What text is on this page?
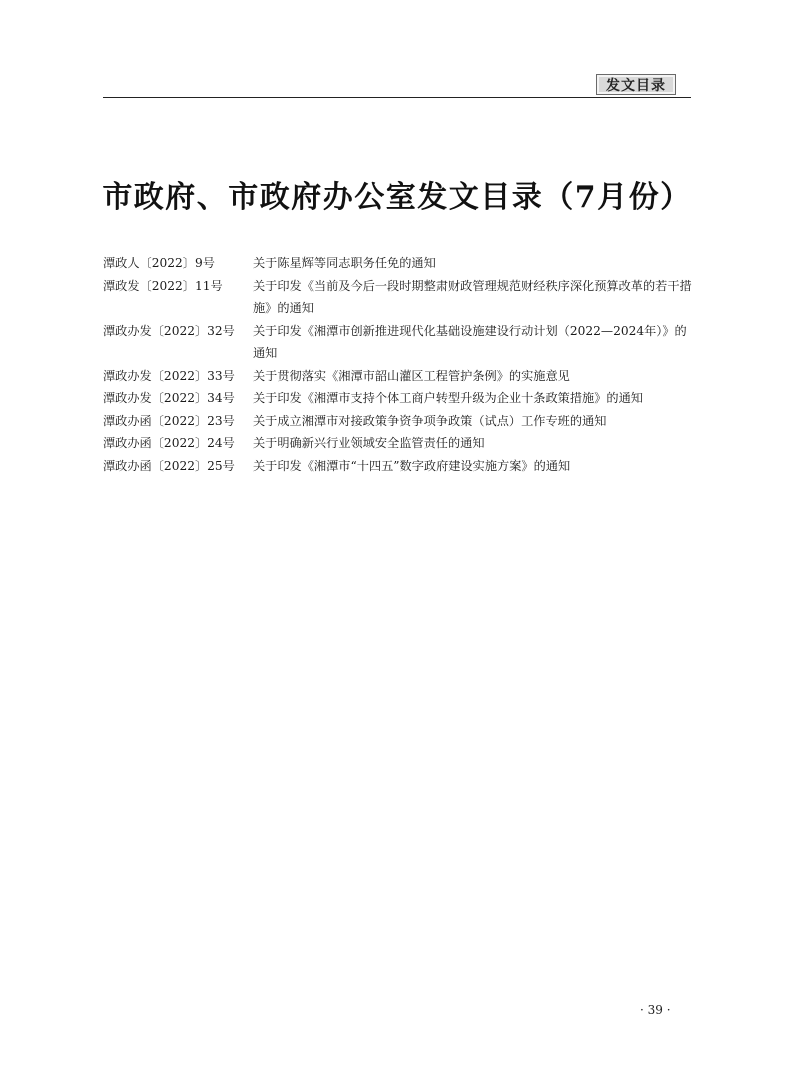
发文目录
市政府、市政府办公室发文目录（7月份）
潭政人〔2022〕9号	关于陈星辉等同志职务任免的通知
潭政发〔2022〕11号	关于印发《当前及今后一段时期整肃财政管理规范财经秩序深化预算改革的若干措施》的通知
潭政办发〔2022〕32号	关于印发《湘潭市创新推进现代化基础设施建设行动计划（2022—2024年）》的通知
潭政办发〔2022〕33号	关于贯彻落实《湘潭市韶山灌区工程管护条例》的实施意见
潭政办发〔2022〕34号	关于印发《湘潭市支持个体工商户转型升级为企业十条政策措施》的通知
潭政办函〔2022〕23号	关于成立湘潭市对接政策争资争项争政策（试点）工作专班的通知
潭政办函〔2022〕24号	关于明确新兴行业领域安全监管责任的通知
潭政办函〔2022〕25号	关于印发《湘潭市“十四五”数字政府建设实施方案》的通知
· 39 ·
